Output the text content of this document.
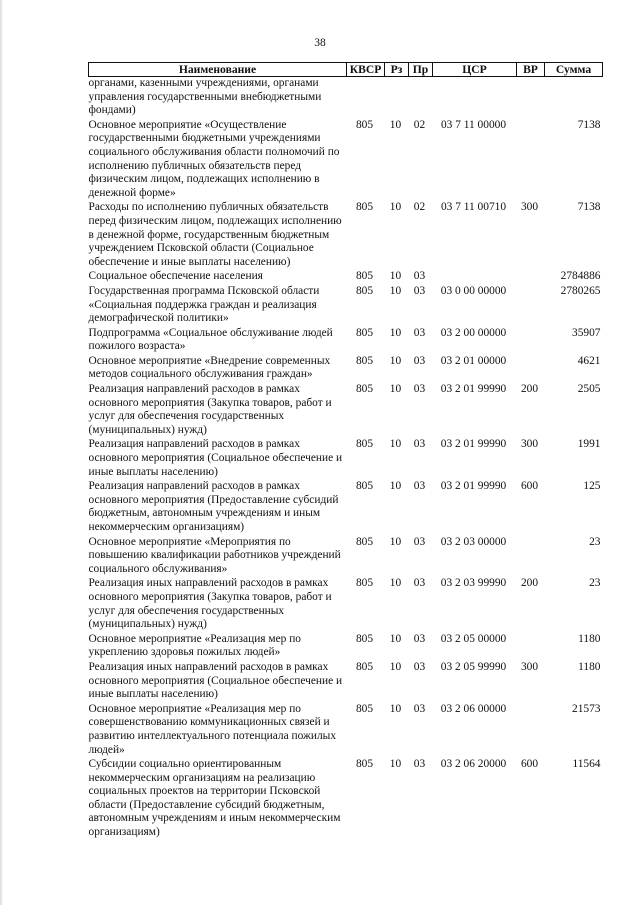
38
Наименование	КВСР	Рз	Пр	ЦСР	ВР	Сумма
органами, казенными учреждениями, органами управления государственными внебюджетными фондами)						
Основное мероприятие «Осуществление государственными бюджетными учреждениями социального обслуживания области полномочий по исполнению публичных обязательств перед физическим лицом, подлежащих исполнению в денежной форме»	805	10	02	03 7 11 00000		7138
Расходы по исполнению публичных обязательств перед физическим лицом, подлежащих исполнению в денежной форме, государственным бюджетным учреждением Псковской области (Социальное обеспечение и иные выплаты населению)	805	10	02	03 7 11 00710	300	7138
Социальное обеспечение населения	805	10	03			2784886
Государственная программа Псковской области «Социальная поддержка граждан и реализация демографической политики»	805	10	03	03 0 00 00000		2780265
Подпрограмма «Социальное обслуживание людей пожилого возраста»	805	10	03	03 2 00 00000		35907
Основное мероприятие «Внедрение современных методов социального обслуживания граждан»	805	10	03	03 2 01 00000		4621
Реализация направлений расходов в рамках основного мероприятия (Закупка товаров, работ и услуг для обеспечения государственных (муниципальных) нужд)	805	10	03	03 2 01 99990	200	2505
Реализация направлений расходов в рамках основного мероприятия (Социальное обеспечение и иные выплаты населению)	805	10	03	03 2 01 99990	300	1991
Реализация направлений расходов в рамках основного мероприятия (Предоставление субсидий бюджетным, автономным учреждениям и иным некоммерческим организациям)	805	10	03	03 2 01 99990	600	125
Основное мероприятие «Мероприятия по повышению квалификации работников учреждений социального обслуживания»	805	10	03	03 2 03 00000		23
Реализация иных направлений расходов в рамках основного мероприятия (Закупка товаров, работ и услуг для обеспечения государственных (муниципальных) нужд)	805	10	03	03 2 03 99990	200	23
Основное мероприятие «Реализация мер по укреплению здоровья пожилых людей»	805	10	03	03 2 05 00000		1180
Реализация иных направлений расходов в рамках основного мероприятия (Социальное обеспечение и иные выплаты населению)	805	10	03	03 2 05 99990	300	1180
Основное мероприятие «Реализация мер по совершенствованию коммуникационных связей и развитию интеллектуального потенциала пожилых людей»	805	10	03	03 2 06 00000		21573
Субсидии социально ориентированным некоммерческим организациям на реализацию социальных проектов на территории Псковской области (Предоставление субсидий бюджетным, автономным учреждениям и иным некоммерческим организациям)	805	10	03	03 2 06 20000	600	11564
